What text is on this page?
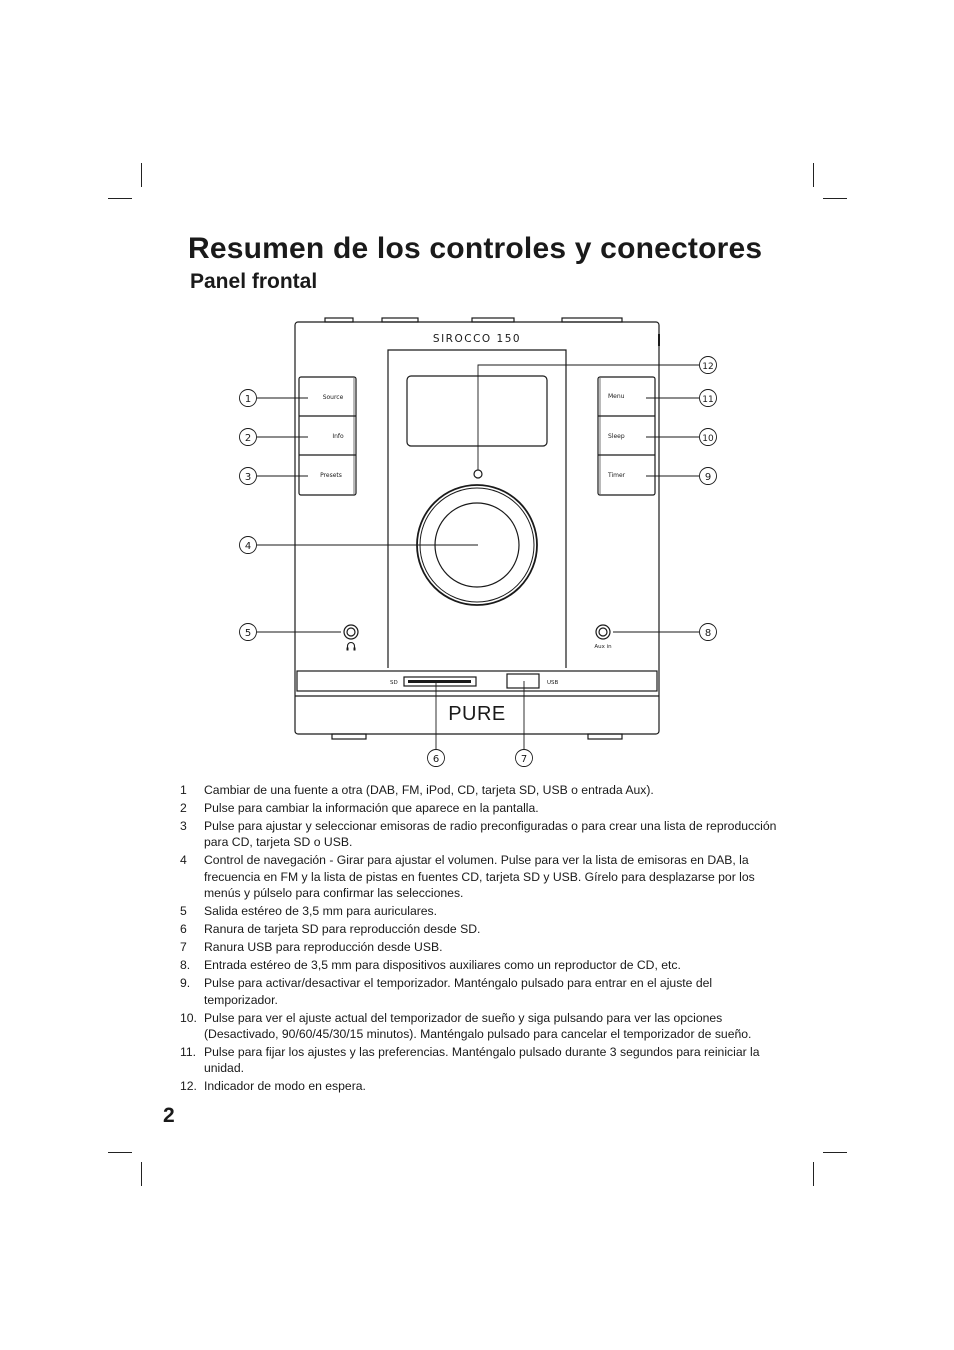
Resumen de los controles y conectores
Panel frontal
SIROCCO 150
Source
Info
Presets
Menu
Sleep
Timer
Aux in
SD	USB
PURE
1
2
3
4
5
6	7
8
9
10
11
12
1 Cambiar de una fuente a otra (DAB, FM, iPod, CD, tarjeta SD, USB o entrada Aux).
2 Pulse para cambiar la información que aparece en la pantalla.
3 Pulse para ajustar y seleccionar emisoras de radio preconfiguradas o para crear una lista de reproducción para CD, tarjeta SD o USB.
4 Control de navegación - Girar para ajustar el volumen. Pulse para ver la lista de emisoras en DAB, la frecuencia en FM y la lista de pistas en fuentes CD, tarjeta SD y USB. Gírelo para desplazarse por los menús y púlselo para confirmar las selecciones.
5 Salida estéreo de 3,5 mm para auriculares.
6 Ranura de tarjeta SD para reproducción desde SD.
7 Ranura USB para reproducción desde USB.
8. Entrada estéreo de 3,5 mm para dispositivos auxiliares como un reproductor de CD, etc.
9. Pulse para activar/desactivar el temporizador. Manténgalo pulsado para entrar en el ajuste del temporizador.
10. Pulse para ver el ajuste actual del temporizador de sueño y siga pulsando para ver las opciones (Desactivado, 90/60/45/30/15 minutos). Manténgalo pulsado para cancelar el temporizador de sueño.
11. Pulse para fijar los ajustes y las preferencias. Manténgalo pulsado durante 3 segundos para reiniciar la unidad.
12. Indicador de modo en espera.
2
